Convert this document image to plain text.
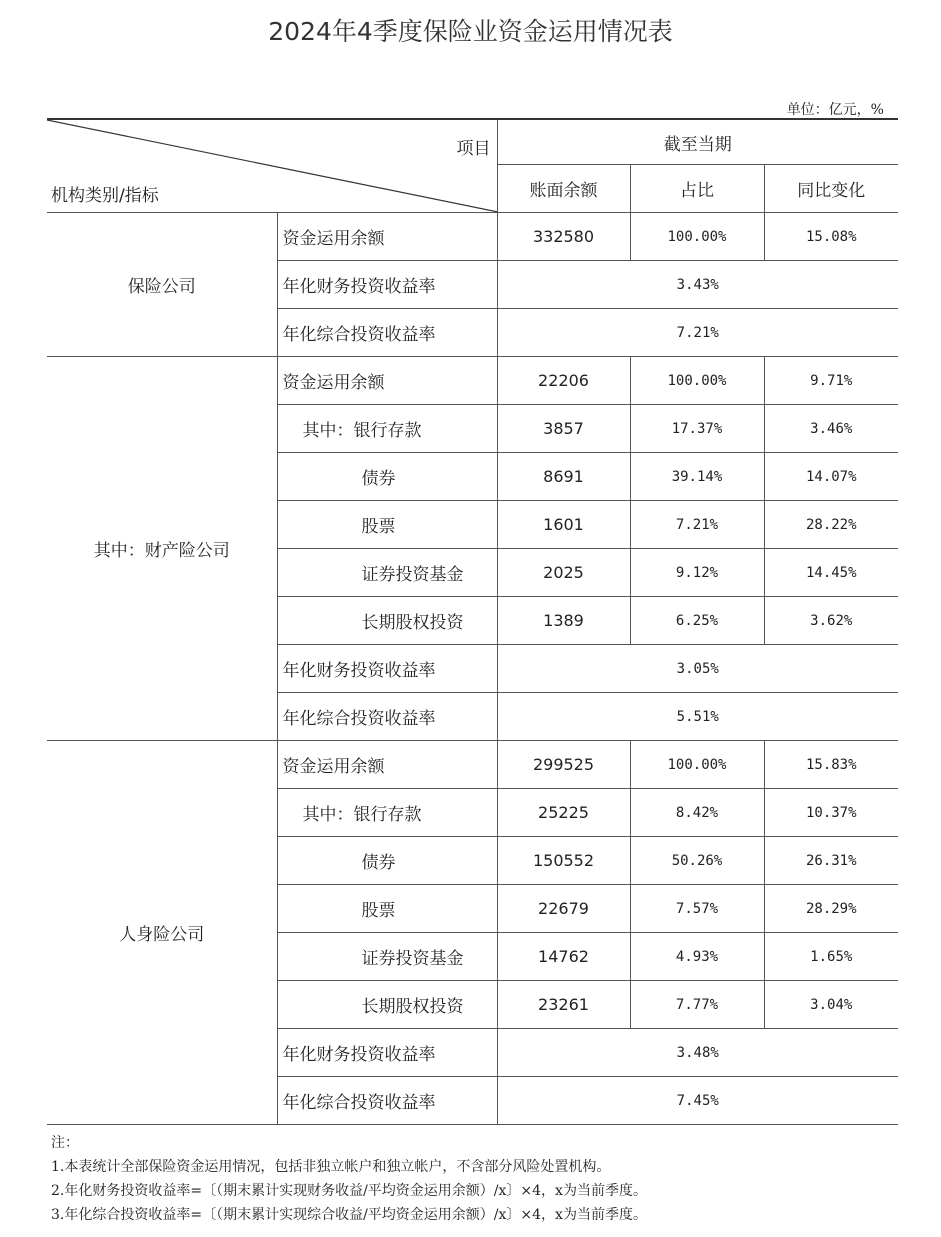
2024年4季度保险业资金运用情况表
单位：亿元，%
项目
机构类别/指标		截至当期		
		账面余额	占比	同比变化
保险公司	资金运用余额	332580	100.00%	15.08%
	年化财务投资收益率	3.43%		
	年化综合投资收益率	7.21%		
其中：财产险公司	资金运用余额	22206	100.00%	9.71%
	其中：银行存款	3857	17.37%	3.46%
	债券	8691	39.14%	14.07%
	股票	1601	7.21%	28.22%
	证券投资基金	2025	9.12%	14.45%
	长期股权投资	1389	6.25%	3.62%
	年化财务投资收益率	3.05%		
	年化综合投资收益率	5.51%		
人身险公司	资金运用余额	299525	100.00%	15.83%
	其中：银行存款	25225	8.42%	10.37%
	债券	150552	50.26%	26.31%
	股票	22679	7.57%	28.29%
	证券投资基金	14762	4.93%	1.65%
	长期股权投资	23261	7.77%	3.04%
	年化财务投资收益率	3.48%		
	年化综合投资收益率	7.45%		
注：
1.本表统计全部保险资金运用情况，包括非独立帐户和独立帐户，不含部分风险处置机构。
2.年化财务投资收益率=〔（期末累计实现财务收益/平均资金运用余额）/x〕×4，x为当前季度。
3.年化综合投资收益率=〔（期末累计实现综合收益/平均资金运用余额）/x〕×4，x为当前季度。
